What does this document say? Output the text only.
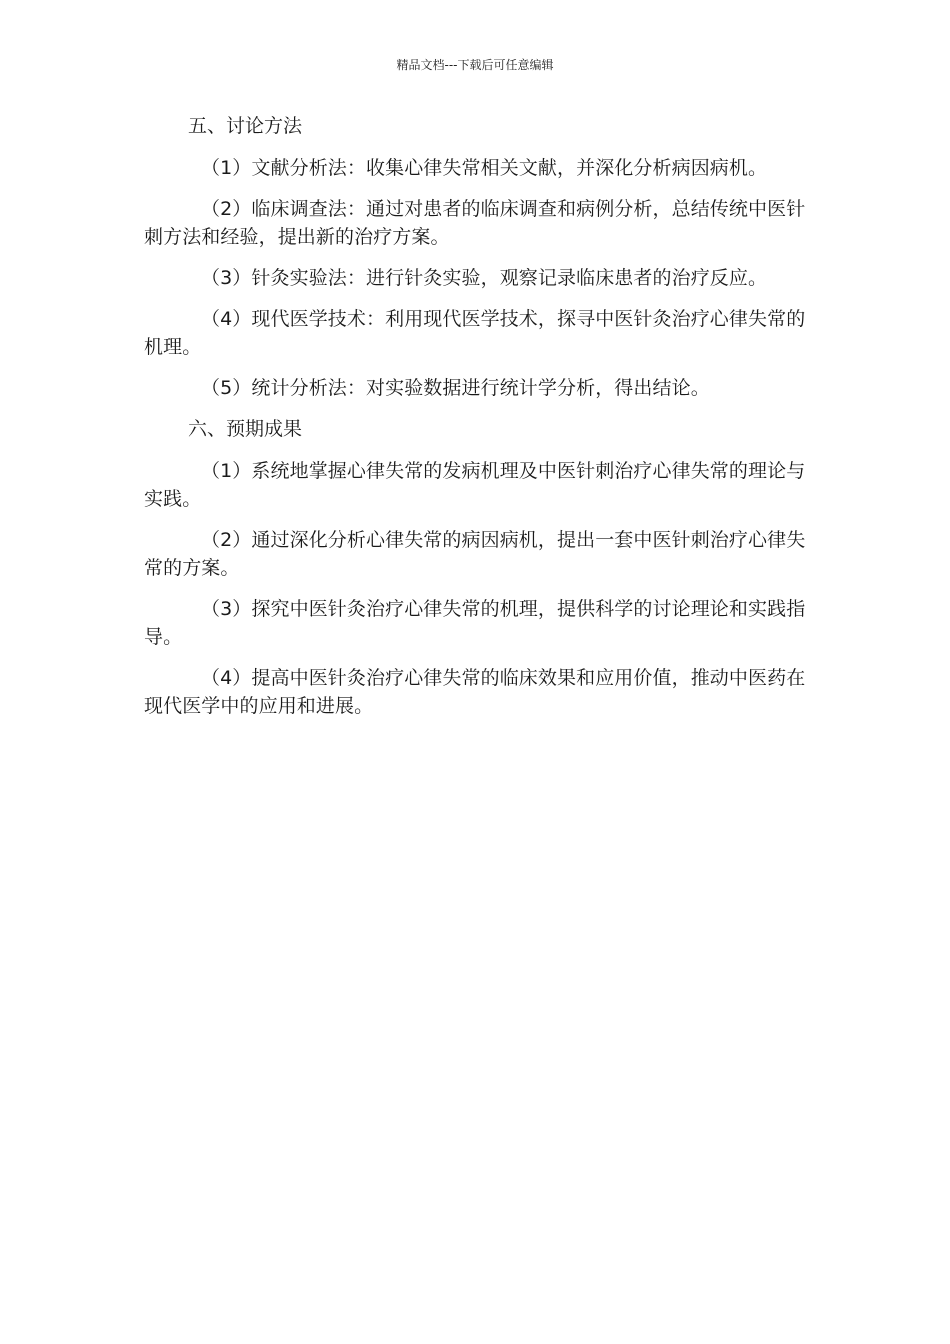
精品文档---下载后可任意编辑

五、讨论方法

（1）文献分析法：收集心律失常相关文献，并深化分析病因病机。

（2）临床调查法：通过对患者的临床调查和病例分析，总结传统中医针刺方法和经验，提出新的治疗方案。

（3）针灸实验法：进行针灸实验，观察记录临床患者的治疗反应。

（4）现代医学技术：利用现代医学技术，探寻中医针灸治疗心律失常的机理。

（5）统计分析法：对实验数据进行统计学分析，得出结论。

六、预期成果

（1）系统地掌握心律失常的发病机理及中医针刺治疗心律失常的理论与实践。

（2）通过深化分析心律失常的病因病机，提出一套中医针刺治疗心律失常的方案。

（3）探究中医针灸治疗心律失常的机理，提供科学的讨论理论和实践指导。

（4）提高中医针灸治疗心律失常的临床效果和应用价值，推动中医药在现代医学中的应用和进展。
